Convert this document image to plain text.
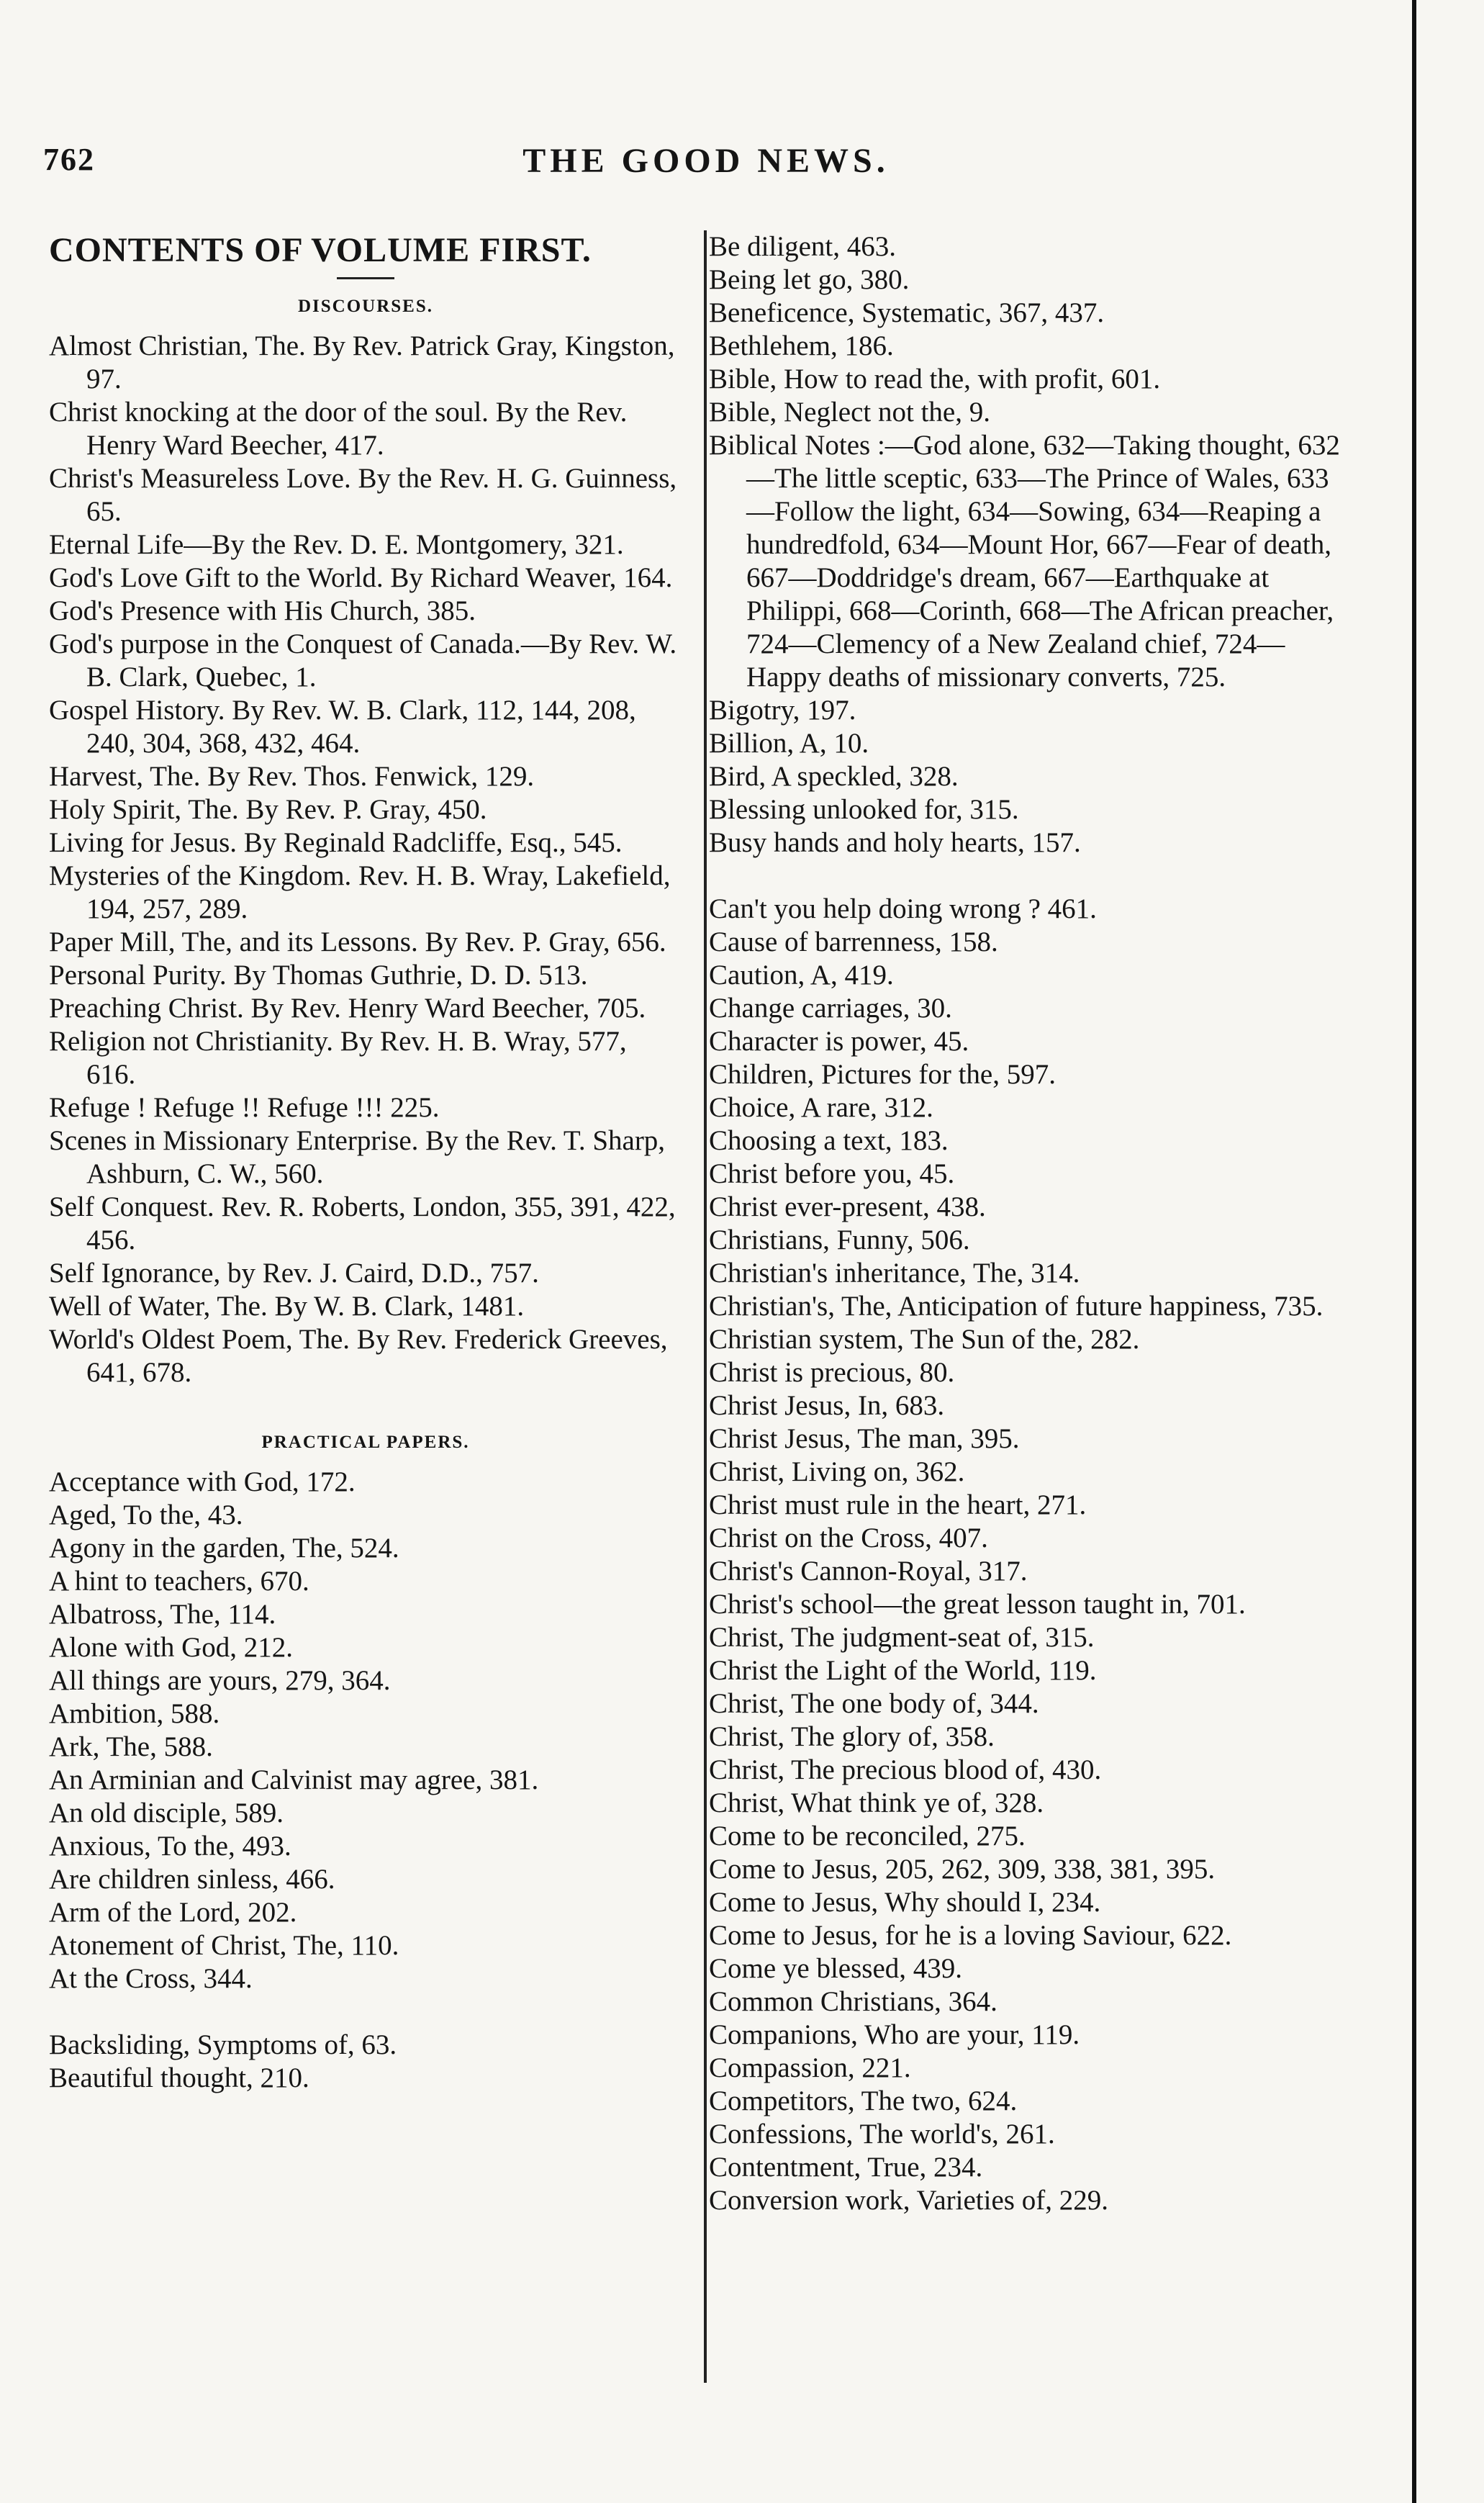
762	THE GOOD NEWS.
CONTENTS OF VOLUME FIRST.
DISCOURSES.
Almost Christian, The. By Rev. Patrick Gray, Kingston, 97.
Christ knocking at the door of the soul. By the Rev. Henry Ward Beecher, 417.
Christ's Measureless Love. By the Rev. H. G. Guinness, 65.
Eternal Life—By the Rev. D. E. Montgomery, 321.
God's Love Gift to the World. By Richard Weaver, 164.
God's Presence with His Church, 385.
God's purpose in the Conquest of Canada.—By Rev. W. B. Clark, Quebec, 1.
Gospel History. By Rev. W. B. Clark, 112, 144, 208, 240, 304, 368, 432, 464.
Harvest, The. By Rev. Thos. Fenwick, 129.
Holy Spirit, The. By Rev. P. Gray, 450.
Living for Jesus. By Reginald Radcliffe, Esq., 545.
Mysteries of the Kingdom. Rev. H. B. Wray, Lakefield, 194, 257, 289.
Paper Mill, The, and its Lessons. By Rev. P. Gray, 656.
Personal Purity. By Thomas Guthrie, D. D. 513.
Preaching Christ. By Rev. Henry Ward Beecher, 705.
Religion not Christianity. By Rev. H. B. Wray, 577, 616.
Refuge ! Refuge !! Refuge !!! 225.
Scenes in Missionary Enterprise. By the Rev. T. Sharp, Ashburn, C. W., 560.
Self Conquest. Rev. R. Roberts, London, 355, 391, 422, 456.
Self Ignorance, by Rev. J. Caird, D.D., 757.
Well of Water, The. By W. B. Clark, 1481.
World's Oldest Poem, The. By Rev. Frederick Greeves, 641, 678.
PRACTICAL PAPERS.
Acceptance with God, 172.
Aged, To the, 43.
Agony in the garden, The, 524.
A hint to teachers, 670.
Albatross, The, 114.
Alone with God, 212.
All things are yours, 279, 364.
Ambition, 588.
Ark, The, 588.
An Arminian and Calvinist may agree, 381.
An old disciple, 589.
Anxious, To the, 493.
Are children sinless, 466.
Arm of the Lord, 202.
Atonement of Christ, The, 110.
At the Cross, 344.
Backsliding, Symptoms of, 63.
Beautiful thought, 210.
Be diligent, 463.
Being let go, 380.
Beneficence, Systematic, 367, 437.
Bethlehem, 186.
Bible, How to read the, with profit, 601.
Bible, Neglect not the, 9.
Biblical Notes :—God alone, 632—Taking thought, 632—The little sceptic, 633—The Prince of Wales, 633—Follow the light, 634—Sowing, 634—Reaping a hundredfold, 634—Mount Hor, 667—Fear of death, 667—Doddridge's dream, 667—Earthquake at Philippi, 668—Corinth, 668—The African preacher, 724—Clemency of a New Zealand chief, 724—Happy deaths of missionary converts, 725.
Bigotry, 197.
Billion, A, 10.
Bird, A speckled, 328.
Blessing unlooked for, 315.
Busy hands and holy hearts, 157.
Can't you help doing wrong ? 461.
Cause of barrenness, 158.
Caution, A, 419.
Change carriages, 30.
Character is power, 45.
Children, Pictures for the, 597.
Choice, A rare, 312.
Choosing a text, 183.
Christ before you, 45.
Christ ever-present, 438.
Christians, Funny, 506.
Christian's inheritance, The, 314.
Christian's, The, Anticipation of future happiness, 735.
Christian system, The Sun of the, 282.
Christ is precious, 80.
Christ Jesus, In, 683.
Christ Jesus, The man, 395.
Christ, Living on, 362.
Christ must rule in the heart, 271.
Christ on the Cross, 407.
Christ's Cannon-Royal, 317.
Christ's school—the great lesson taught in, 701.
Christ, The judgment-seat of, 315.
Christ the Light of the World, 119.
Christ, The one body of, 344.
Christ, The glory of, 358.
Christ, The precious blood of, 430.
Christ, What think ye of, 328.
Come to be reconciled, 275.
Come to Jesus, 205, 262, 309, 338, 381, 395.
Come to Jesus, Why should I, 234.
Come to Jesus, for he is a loving Saviour, 622.
Come ye blessed, 439.
Common Christians, 364.
Companions, Who are your, 119.
Compassion, 221.
Competitors, The two, 624.
Confessions, The world's, 261.
Contentment, True, 234.
Conversion work, Varieties of, 229.
